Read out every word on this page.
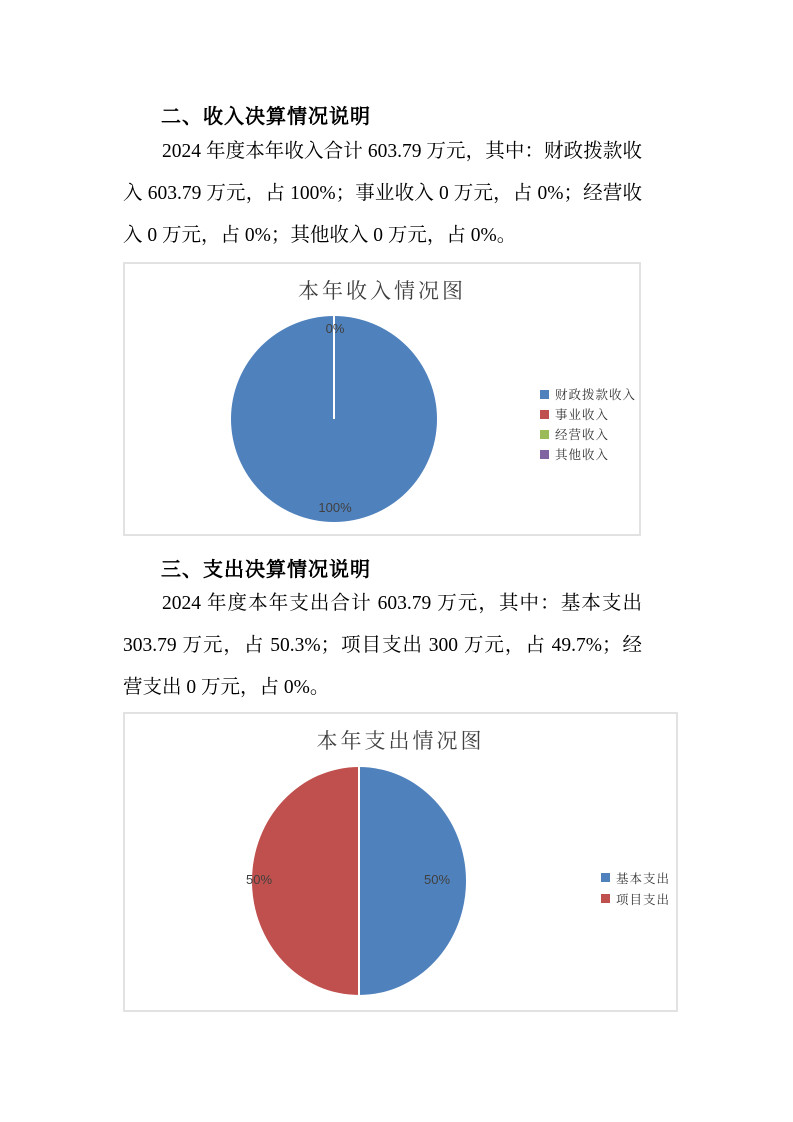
二、收入决算情况说明
2024 年度本年收入合计 603.79 万元，其中：财政拨款收入 603.79 万元，占 100%；事业收入 0 万元，占 0%；经营收入 0 万元，占 0%；其他收入 0 万元，占 0%。
本年收入情况图
0%
100%
财政拨款收入
事业收入
经营收入
其他收入
三、支出决算情况说明
2024 年度本年支出合计 603.79 万元，其中：基本支出 303.79 万元，占 50.3%；项目支出 300 万元，占 49.7%；经营支出 0 万元，占 0%。
本年支出情况图
50%	50%	基本支出
项目支出
